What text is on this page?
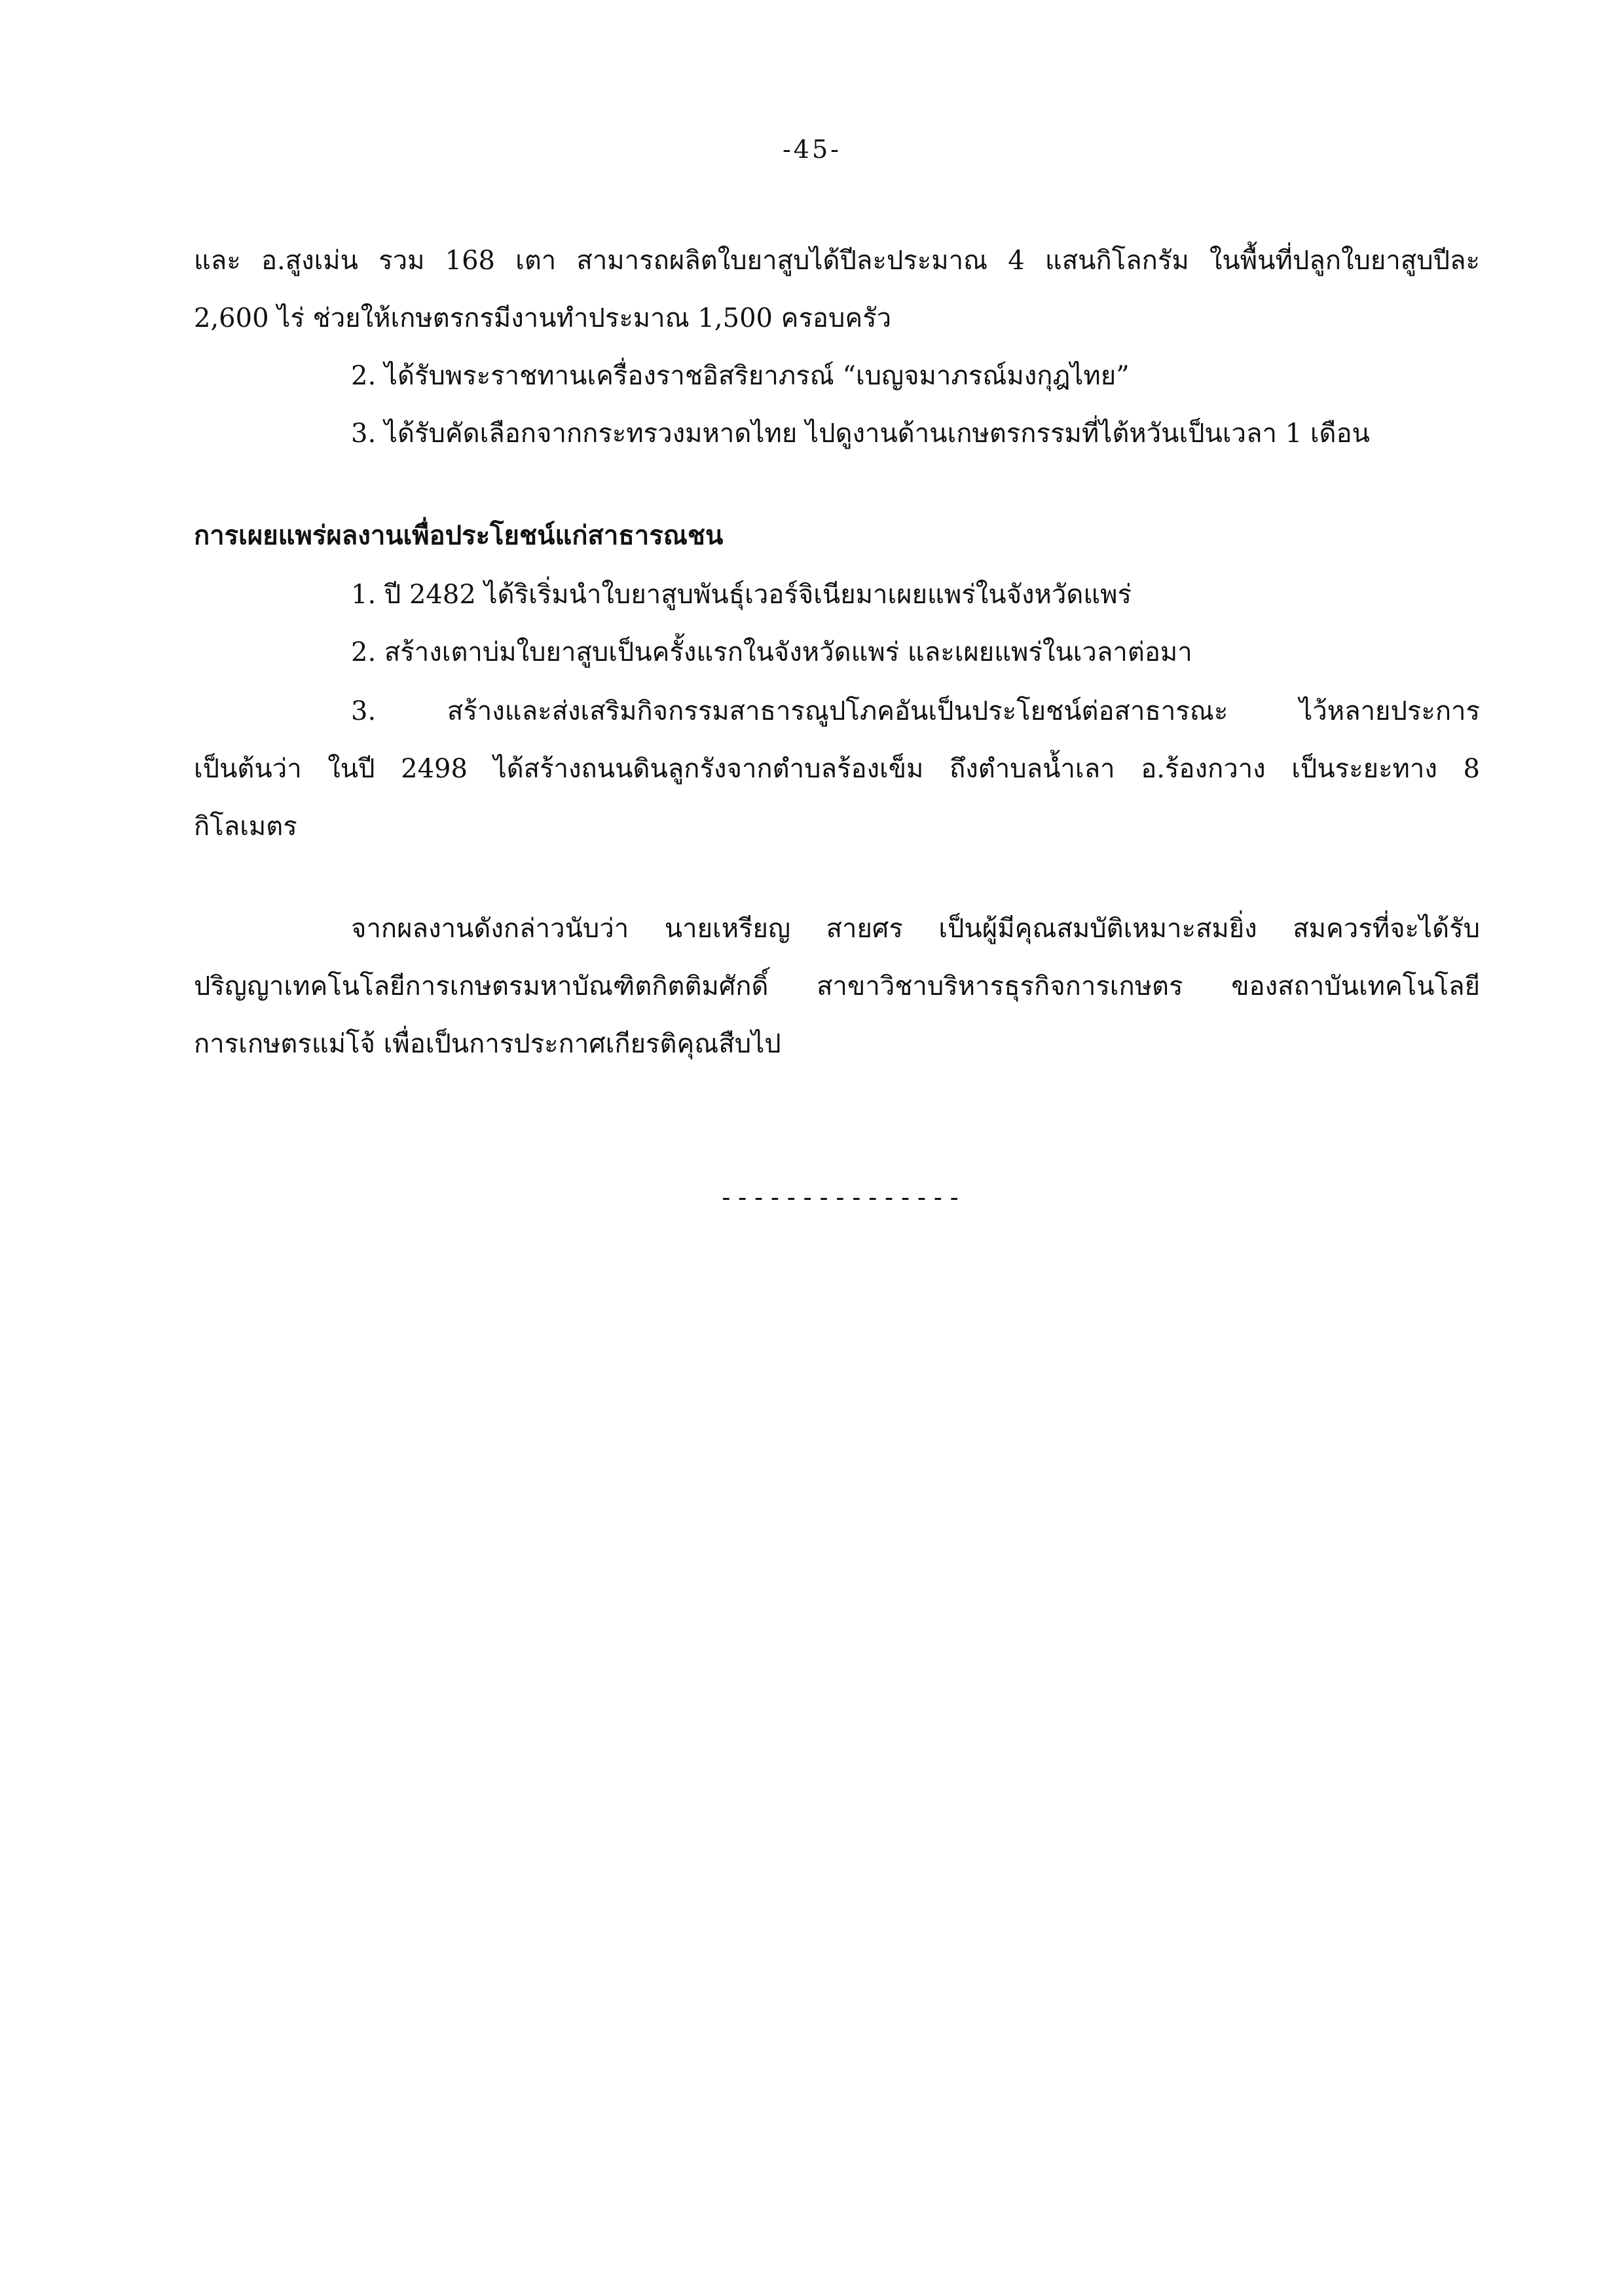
-45-
และ อ.สูงเม่น รวม 168 เตา สามารถผลิตใบยาสูบได้ปีละประมาณ 4 แสนกิโลกรัม ในพื้นที่ปลูกใบยาสูบปีละ
2,600 ไร่ ช่วยให้เกษตรกรมีงานทำประมาณ 1,500 ครอบครัว
2. ได้รับพระราชทานเครื่องราชอิสริยาภรณ์ “เบญจมาภรณ์มงกุฎไทย”
3. ได้รับคัดเลือกจากกระทรวงมหาดไทย ไปดูงานด้านเกษตรกรรมที่ไต้หวันเป็นเวลา 1 เดือน
การเผยแพร่ผลงานเพื่อประโยชน์แก่สาธารณชน
1. ปี 2482 ได้ริเริ่มนำใบยาสูบพันธุ์เวอร์จิเนียมาเผยแพร่ในจังหวัดแพร่
2. สร้างเตาบ่มใบยาสูบเป็นครั้งแรกในจังหวัดแพร่ และเผยแพร่ในเวลาต่อมา
3. สร้างและส่งเสริมกิจกรรมสาธารณูปโภคอันเป็นประโยชน์ต่อสาธารณะ ไว้หลายประการ
เป็นต้นว่า ในปี 2498 ได้สร้างถนนดินลูกรังจากตำบลร้องเข็ม ถึงตำบลน้ำเลา อ.ร้องกวาง เป็นระยะทาง 8
กิโลเมตร
จากผลงานดังกล่าวนับว่า นายเหรียญ สายศร เป็นผู้มีคุณสมบัติเหมาะสมยิ่ง สมควรที่จะได้รับ
ปริญญาเทคโนโลยีการเกษตรมหาบัณฑิตกิตติมศักดิ์ สาขาวิชาบริหารธุรกิจการเกษตร ของสถาบันเทคโนโลยี
การเกษตรแม่โจ้ เพื่อเป็นการประกาศเกียรติคุณสืบไป
---------------
